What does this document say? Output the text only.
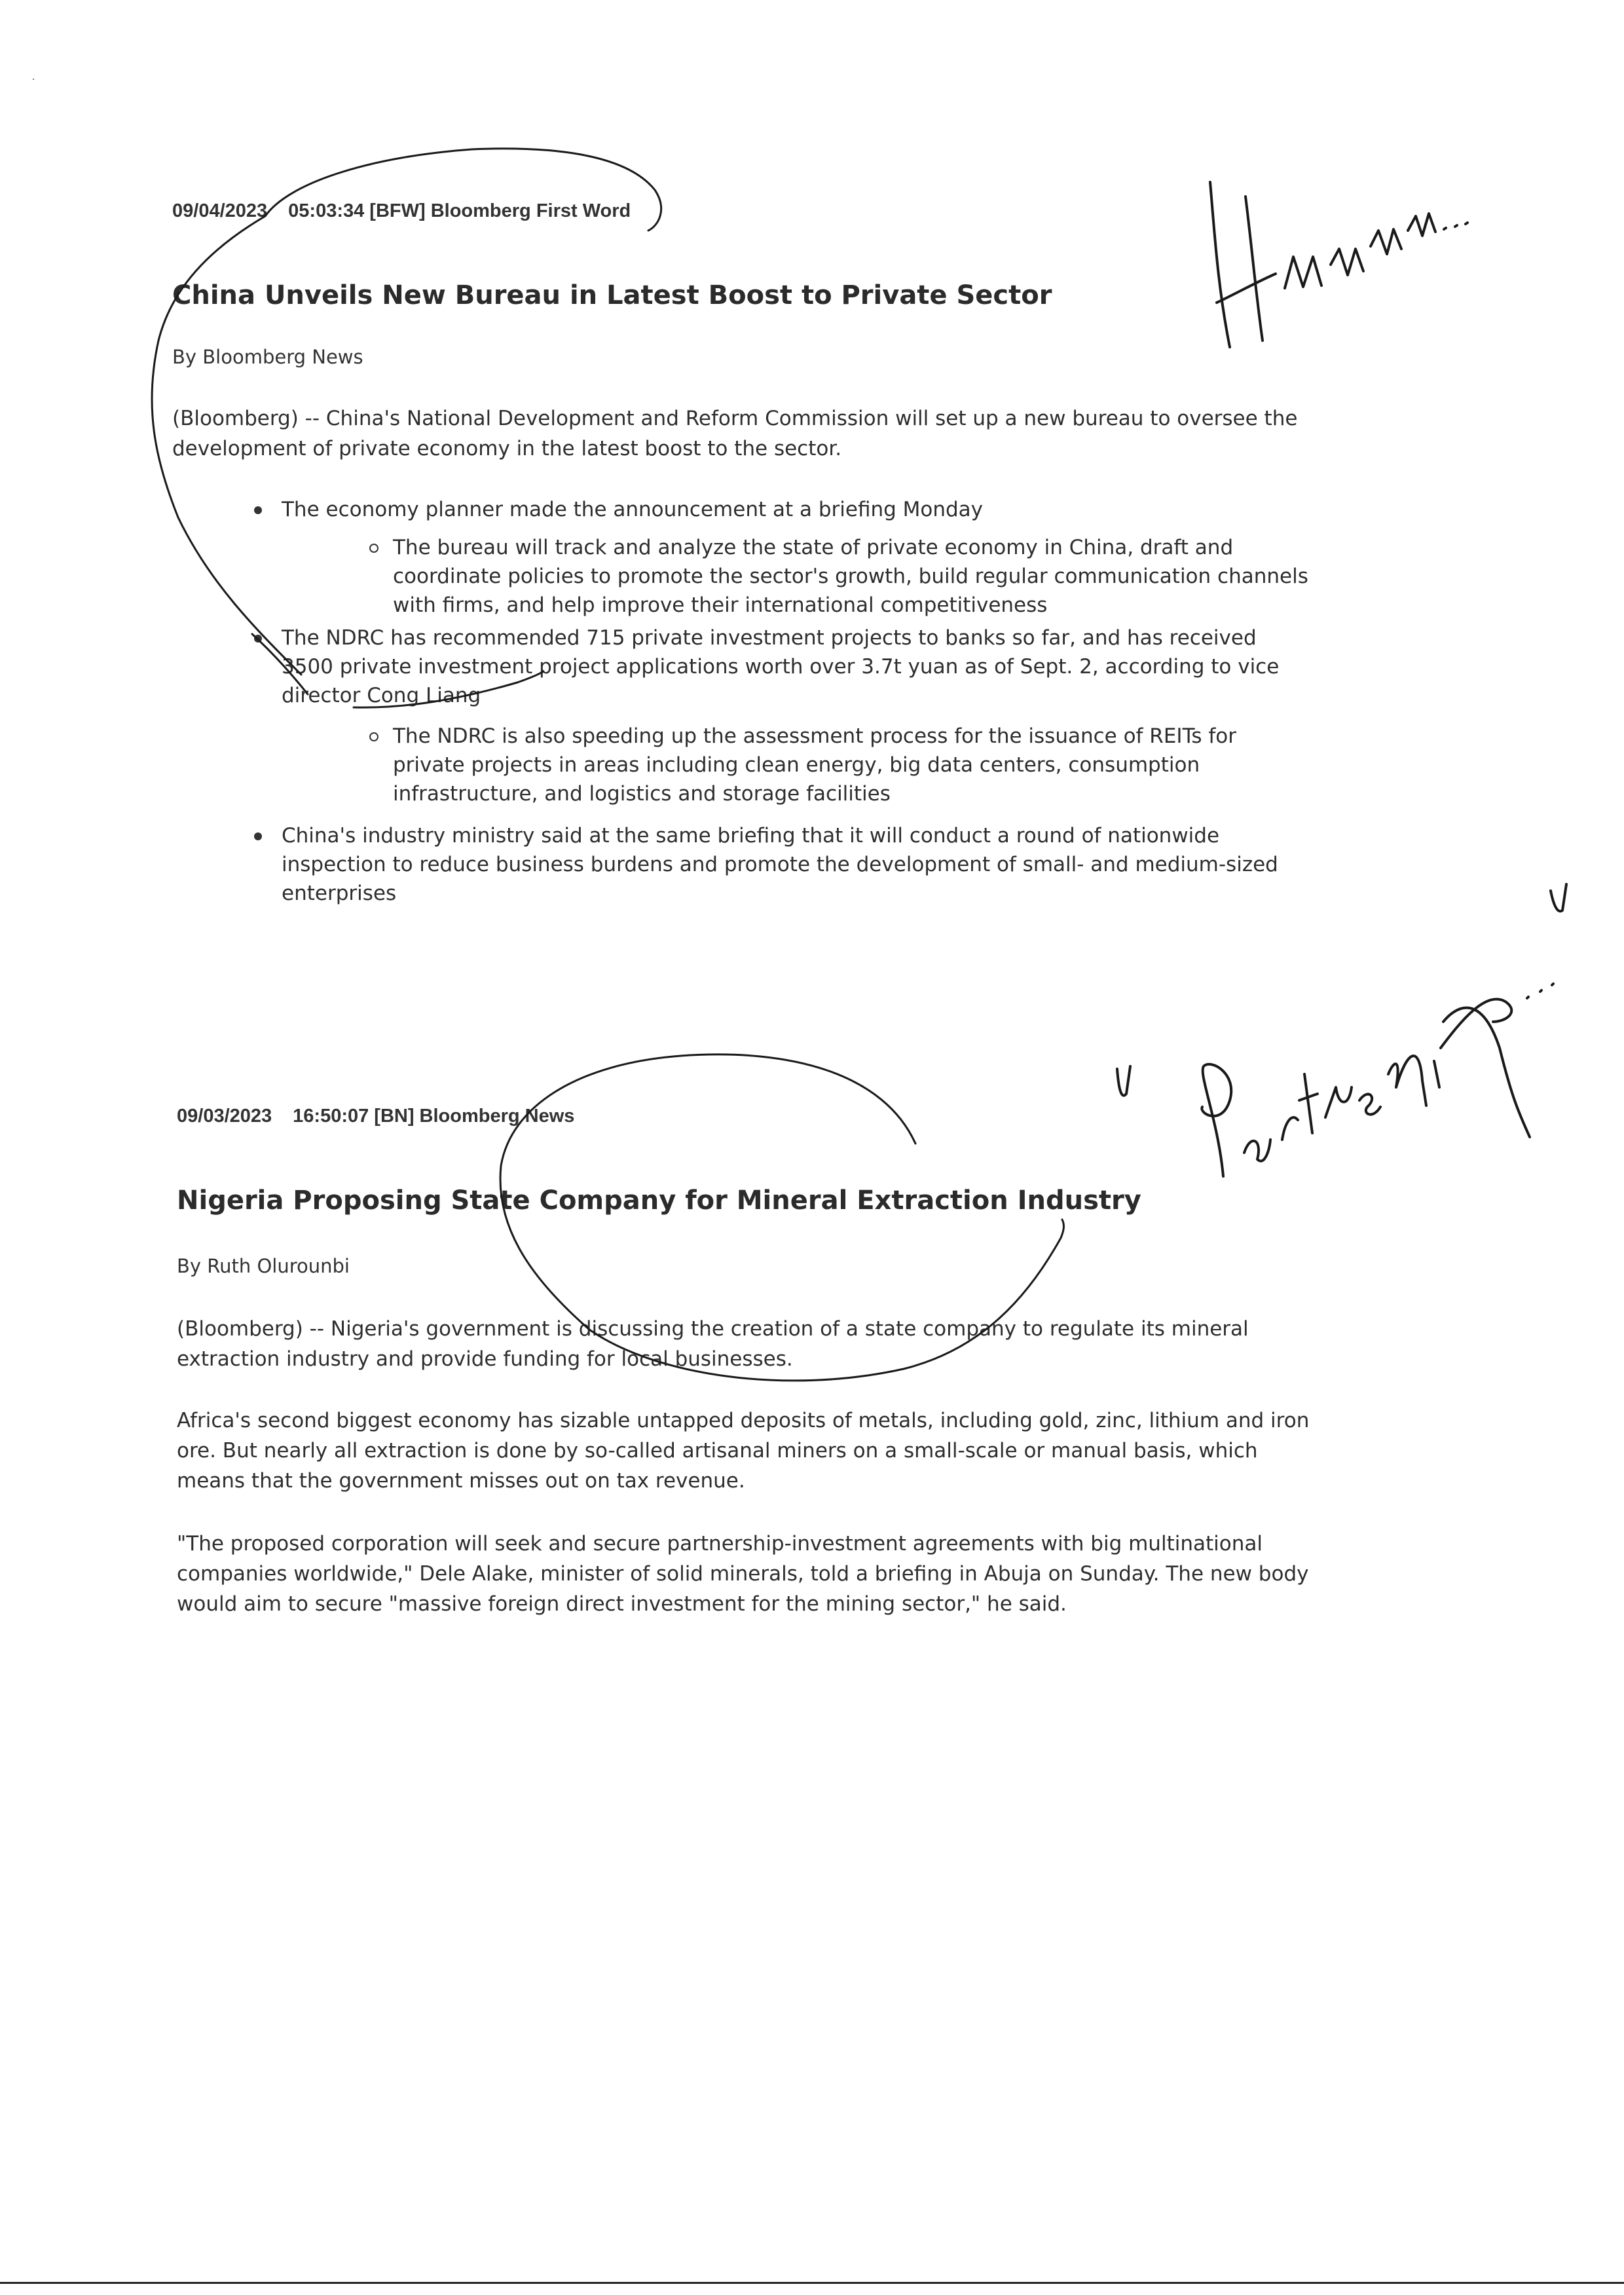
09/04/2023 05:03:34 [BFW] Bloomberg First Word
China Unveils New Bureau in Latest Boost to Private Sector
By Bloomberg News
(Bloomberg) -- China's National Development and Reform Commission will set up a new bureau to oversee the development of private economy in the latest boost to the sector.
The economy planner made the announcement at a briefing Monday
The bureau will track and analyze the state of private economy in China, draft and coordinate policies to promote the sector's growth, build regular communication channels with firms, and help improve their international competitiveness
The NDRC has recommended 715 private investment projects to banks so far, and has received 3500 private investment project applications worth over 3.7t yuan as of Sept. 2, according to vice director Cong Liang
The NDRC is also speeding up the assessment process for the issuance of REITs for private projects in areas including clean energy, big data centers, consumption infrastructure, and logistics and storage facilities
China's industry ministry said at the same briefing that it will conduct a round of nationwide inspection to reduce business burdens and promote the development of small- and medium-sized enterprises
09/03/2023 16:50:07 [BN] Bloomberg News
Nigeria Proposing State Company for Mineral Extraction Industry
By Ruth Olurounbi
(Bloomberg) -- Nigeria's government is discussing the creation of a state company to regulate its mineral extraction industry and provide funding for local businesses.
Africa's second biggest economy has sizable untapped deposits of metals, including gold, zinc, lithium and iron ore. But nearly all extraction is done by so-called artisanal miners on a small-scale or manual basis, which means that the government misses out on tax revenue.
"The proposed corporation will seek and secure partnership-investment agreements with big multinational companies worldwide," Dele Alake, minister of solid minerals, told a briefing in Abuja on Sunday. The new body would aim to secure "massive foreign direct investment for the mining sector," he said.
